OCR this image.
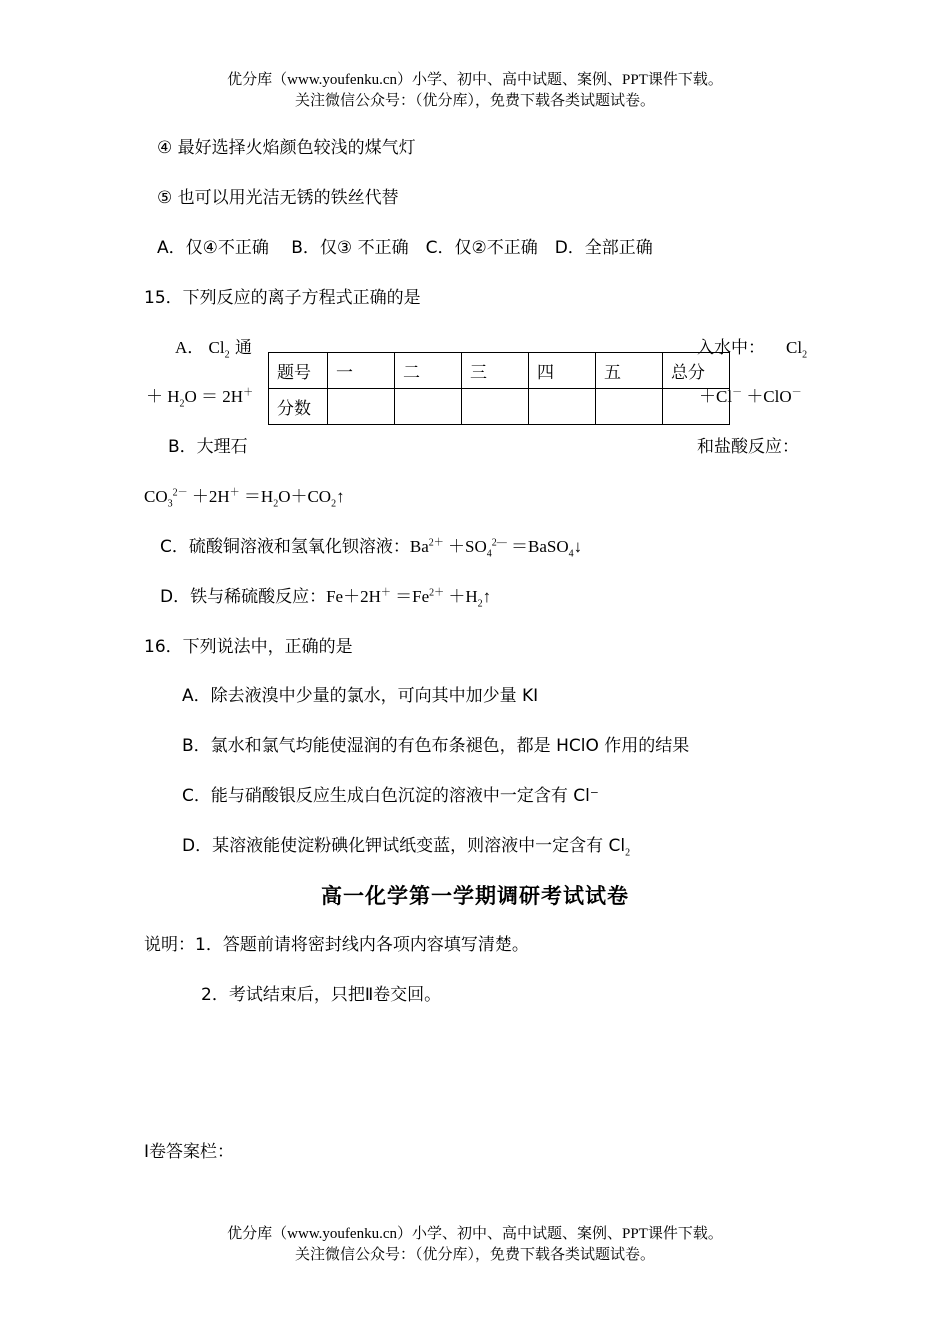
优分库（www.youfenku.cn）小学、初中、高中试题、案例、PPT课件下载。
关注微信公众号：（优分库），免费下载各类试题试卷。
④ 最好选择火焰颜色较浅的煤气灯
⑤ 也可以用光洁无锈的铁丝代替
A．仅④不正确　 B．仅③ 不正确　C．仅②不正确　D．全部正确
15．下列反应的离子方程式正确的是
A． $Cl_2$ 通	入水中： $Cl_2$
＋ $H_2O = 2H^+$	＋Cl－ ＋ClO－
题号	一	二	三	四	五	总分
分数						
B．大理石	和盐酸反应：
$CO_3^{2-} +2H^+$ $=H_2O+CO_2↑$
C．硫酸铜溶液和氢氧化钡溶液：$Ba^{2+} +SO_4^{2—}$ ＝BaSO$_4$↓
D．铁与稀硫酸反应：$Fe+2H^+ =Fe^{2+}$ $+H_2↑$
16．下列说法中，正确的是
A．除去液溴中少量的氯水，可向其中加少量 KI
B．氯水和氯气均能使湿润的有色布条褪色，都是 HClO 作用的结果
C．能与硝酸银反应生成白色沉淀的溶液中一定含有 Cl⁻
D．某溶液能使淀粉碘化钾试纸变蓝，则溶液中一定含有 $Cl_2$
高一化学第一学期调研考试试卷
说明：1．答题前请将密封线内各项内容填写清楚。
2．考试结束后，只把Ⅱ卷交回。
I卷答案栏：
优分库（www.youfenku.cn）小学、初中、高中试题、案例、PPT课件下载。
关注微信公众号：（优分库），免费下载各类试题试卷。
